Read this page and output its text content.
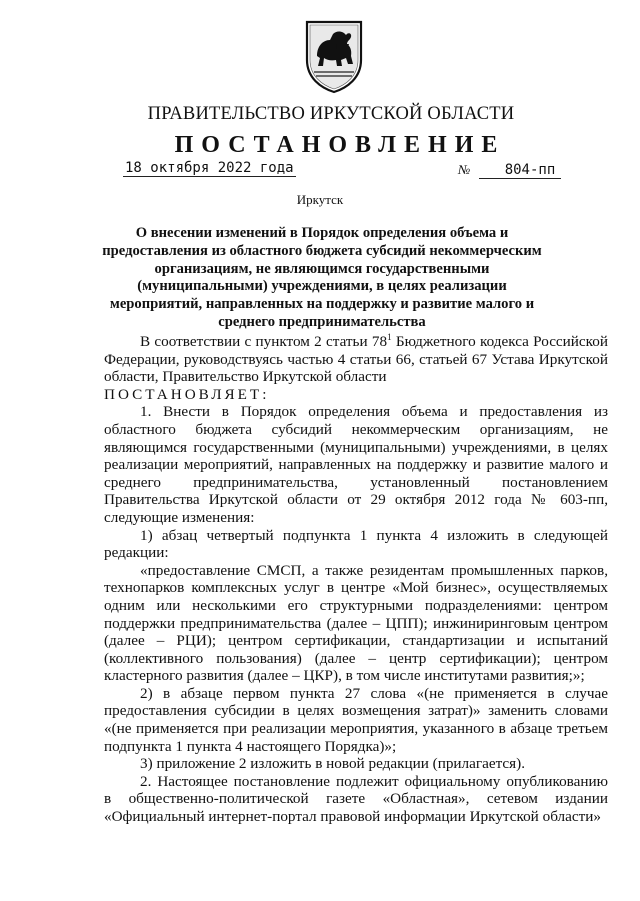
ПРАВИТЕЛЬСТВО ИРКУТСКОЙ ОБЛАСТИ
ПОСТАНОВЛЕНИЕ
18 октября 2022 года	№ 804-пп
Иркутск
О внесении изменений в Порядок определения объема и предоставления из областного бюджета субсидий некоммерческим организациям, не являющимся государственными (муниципальными) учреждениями, в целях реализации мероприятий, направленных на поддержку и развитие малого и среднего предпринимательства

В соответствии с пунктом 2 статьи $78^1$ Бюджетного кодекса Российской Федерации, руководствуясь частью 4 статьи 66, статьей 67 Устава Иркутской области, Правительство Иркутской области

ПОСТАНОВЛЯЕТ:

1. Внести в Порядок определения объема и предоставления из областного бюджета субсидий некоммерческим организациям, не являющимся государственными (муниципальными) учреждениями, в целях реализации мероприятий, направленных на поддержку и развитие малого и среднего предпринимательства, установленный постановлением Правительства Иркутской области от 29 октября 2012 года № 603-пп, следующие изменения:

1) абзац четвертый подпункта 1 пункта 4 изложить в следующей редакции:

«предоставление СМСП, а также резидентам промышленных парков, технопарков комплексных услуг в центре «Мой бизнес», осуществляемых одним или несколькими его структурными подразделениями: центром поддержки предпринимательства (далее – ЦПП); инжиниринговым центром (далее – РЦИ); центром сертификации, стандартизации и испытаний (коллективного пользования) (далее – центр сертификации); центром кластерного развития (далее – ЦКР), в том числе институтами развития;»;

2) в абзаце первом пункта 27 слова «(не применяется в случае предоставления субсидии в целях возмещения затрат)» заменить словами «(не применяется при реализации мероприятия, указанного в абзаце третьем подпункта 1 пункта 4 настоящего Порядка)»;

3) приложение 2 изложить в новой редакции (прилагается).

2. Настоящее постановление подлежит официальному опубликованию в общественно-политической газете «Областная», сетевом издании «Официальный интернет-портал правовой информации Иркутской области»
